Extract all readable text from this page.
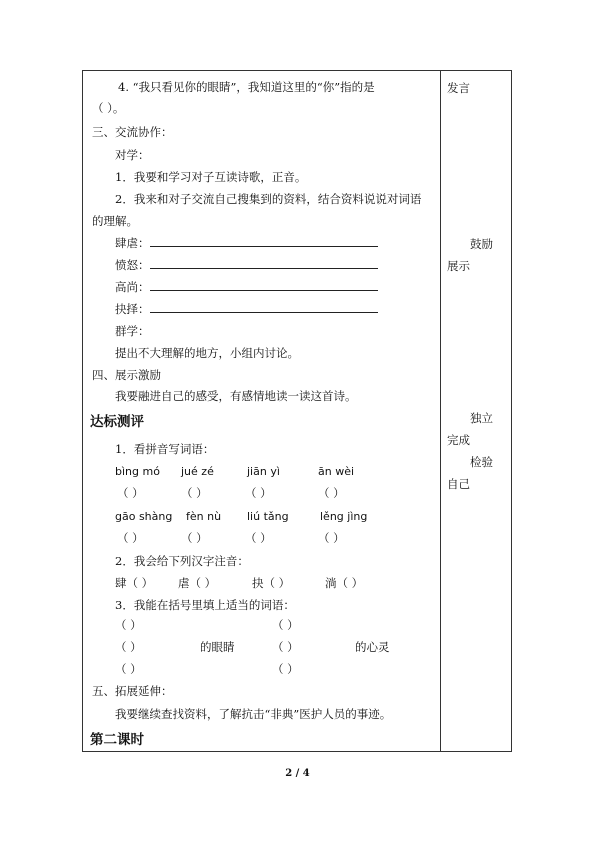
4. “我只看见你的眼睛”，我知道这里的“你”指的是
（ ）。
三、交流协作：
对学：
1．我要和学习对子互读诗歌，正音。
2．我来和对子交流自己搜集到的资料，结合资料说说对词语
的理解。
肆虐：
愤怒：
高尚：
抉择：
群学：
提出不大理解的地方，小组内讨论。
四、展示激励
我要融进自己的感受，有感情地读一读这首诗。
达标测评
1．看拼音写词语：
bìng mó jué zé	jiān yì	ān wèi
（ ）	（ ）	（ ）	（ ）
gāo shàng fèn nù liú tǎng	lěng jìng
（ ）	（ ）	（ ）	（ ）
2．我会给下列汉字注音：
肆（ ） 虐（ ）	抉（ ）	淌（ ）
3．我能在括号里填上适当的词语：
（ ）	（ ）
（ ）	的眼睛	（ ）	的心灵
（ ）	（ ）
五、拓展延伸：
我要继续查找资料，了解抗击“非典”医护人员的事迹。
第二课时
发言
鼓励
展示
独立
完成
检验
自己
2 / 4
